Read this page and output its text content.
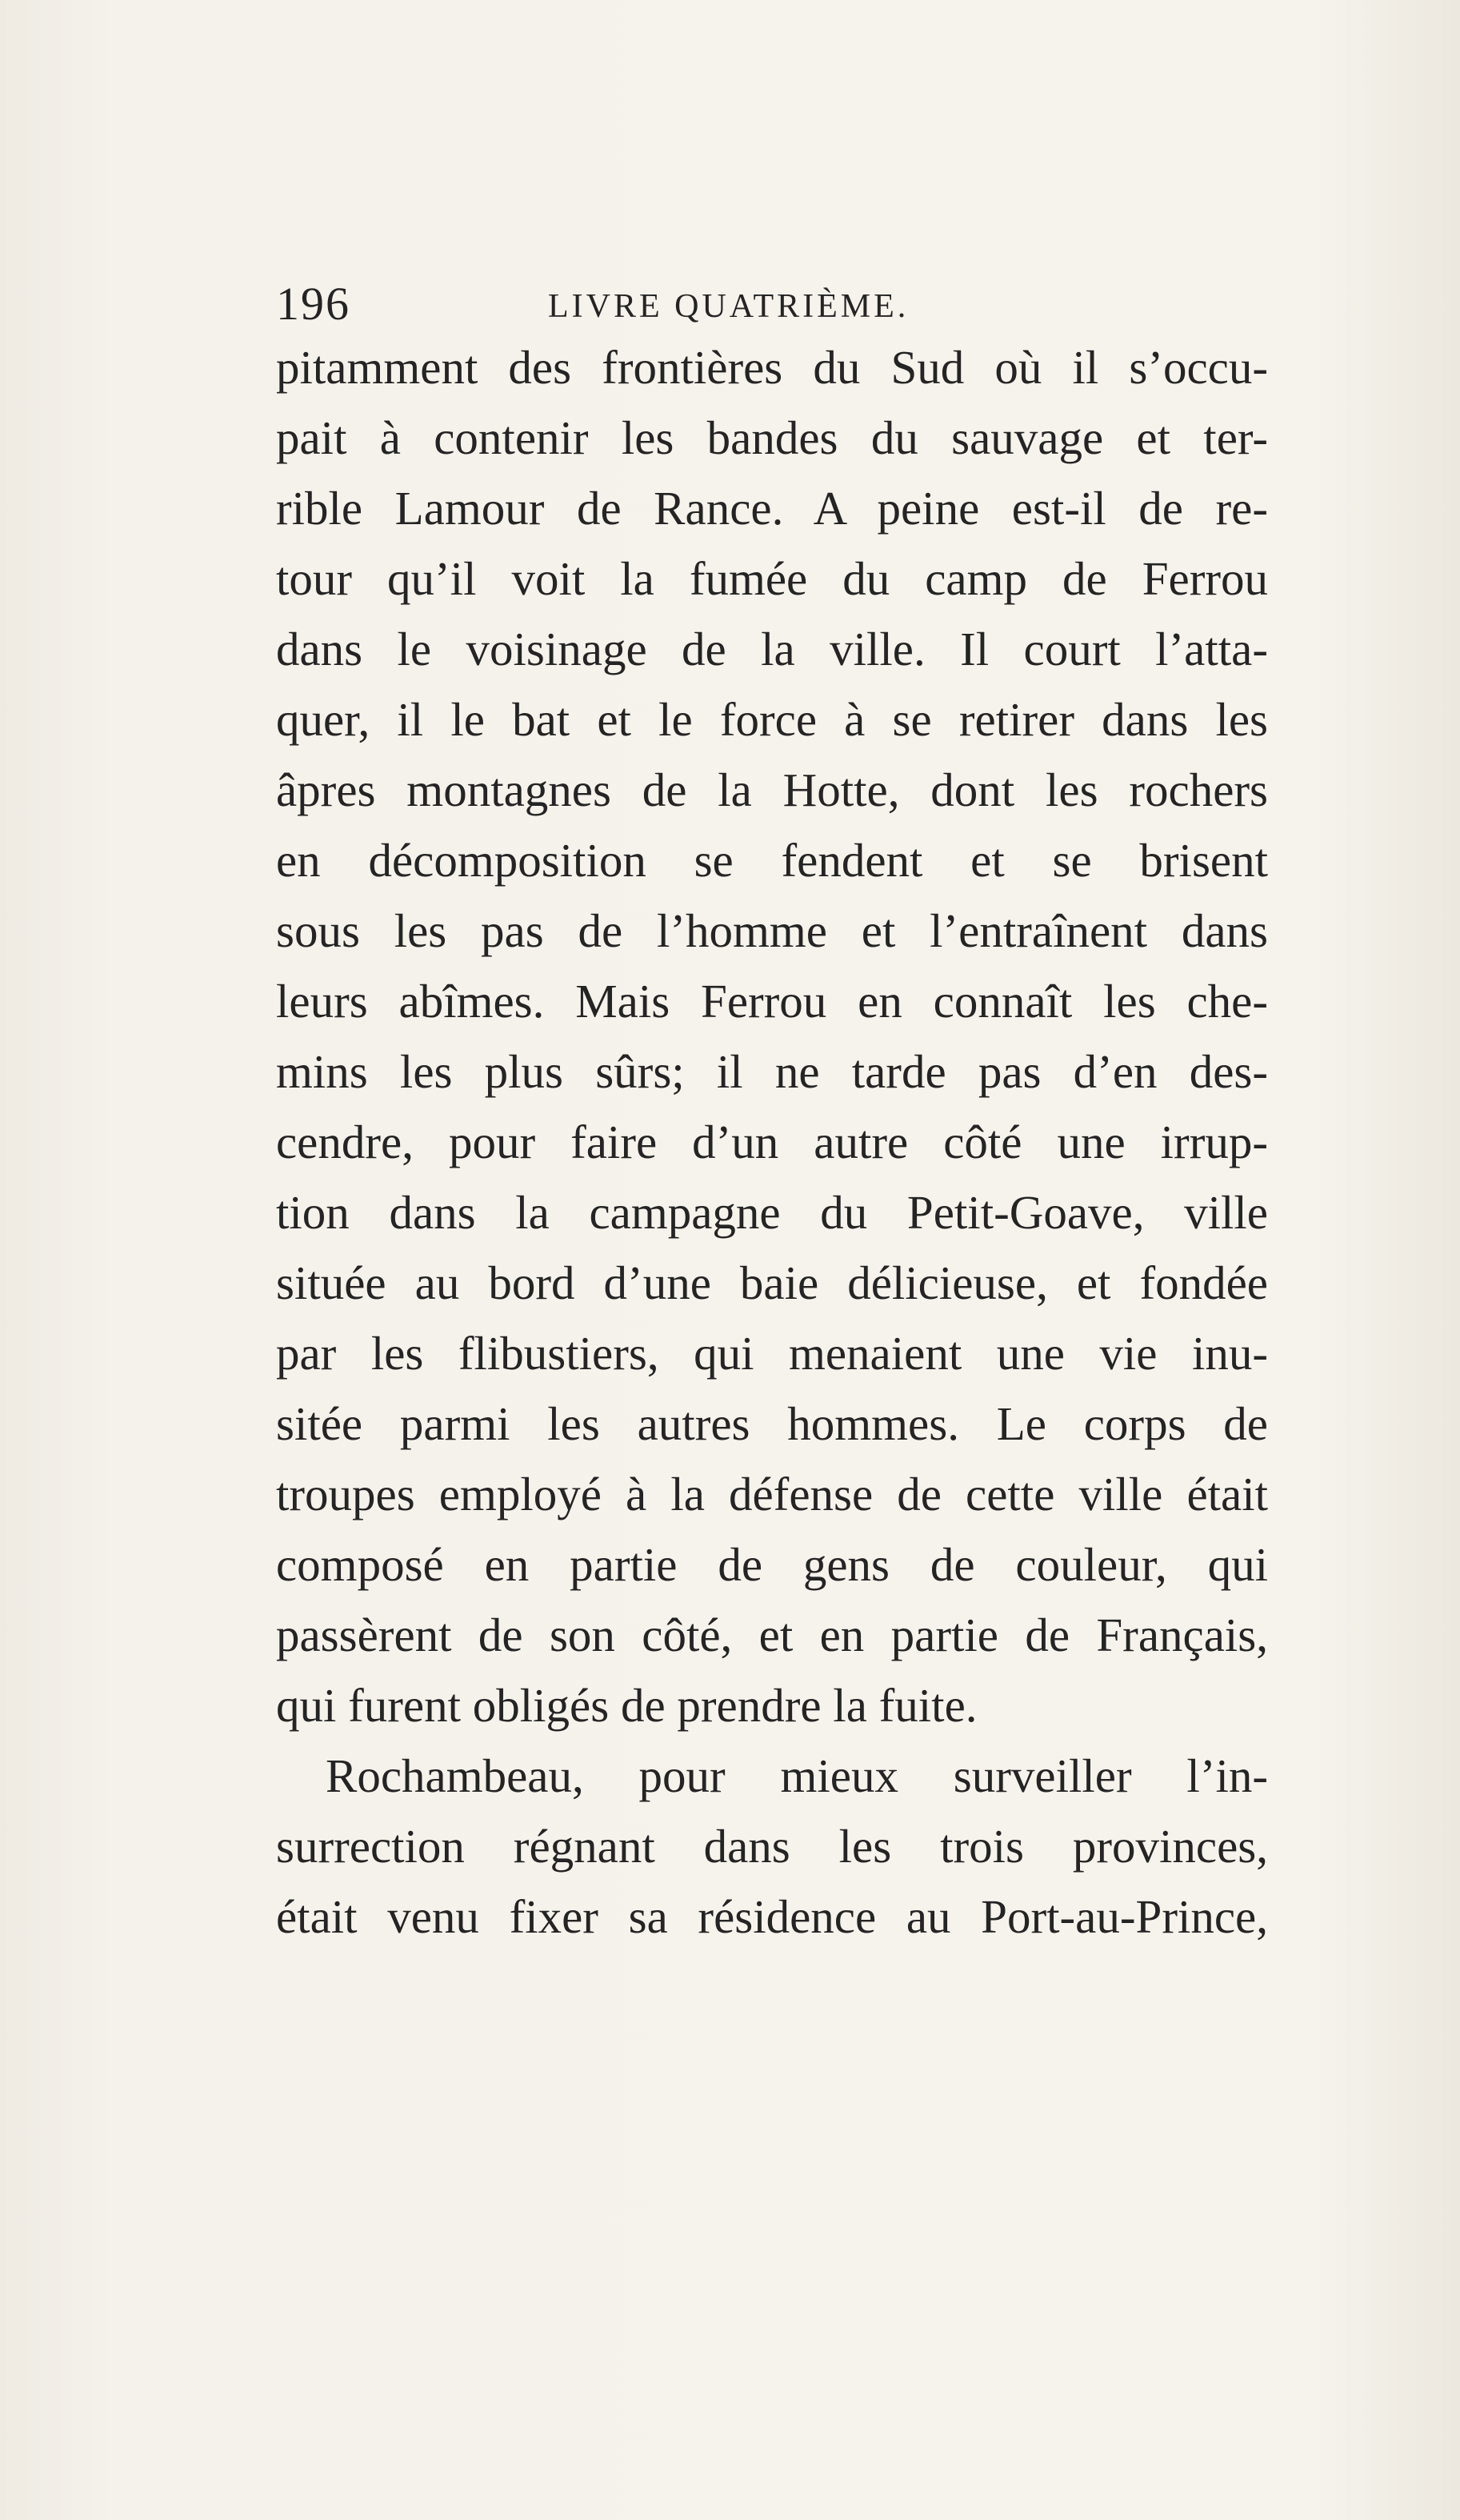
196	LIVRE QUATRIÈME.
pitamment des frontières du Sud où il s’occu-
pait à contenir les bandes du sauvage et ter-
rible Lamour de Rance. A peine est-il de re-
tour qu’il voit la fumée du camp de Ferrou
dans le voisinage de la ville. Il court l’atta-
quer, il le bat et le force à se retirer dans les
âpres montagnes de la Hotte, dont les rochers
en décomposition se fendent et se brisent
sous les pas de l’homme et l’entraînent dans
leurs abîmes. Mais Ferrou en connaît les che-
mins les plus sûrs; il ne tarde pas d’en des-
cendre, pour faire d’un autre côté une irrup-
tion dans la campagne du Petit-Goave, ville
située au bord d’une baie délicieuse, et fondée
par les flibustiers, qui menaient une vie inu-
sitée parmi les autres hommes. Le corps de
troupes employé à la défense de cette ville était
composé en partie de gens de couleur, qui
passèrent de son côté, et en partie de Français,
qui furent obligés de prendre la fuite.
Rochambeau, pour mieux surveiller l’in-
surrection régnant dans les trois provinces,
était venu fixer sa résidence au Port-au-Prince,
